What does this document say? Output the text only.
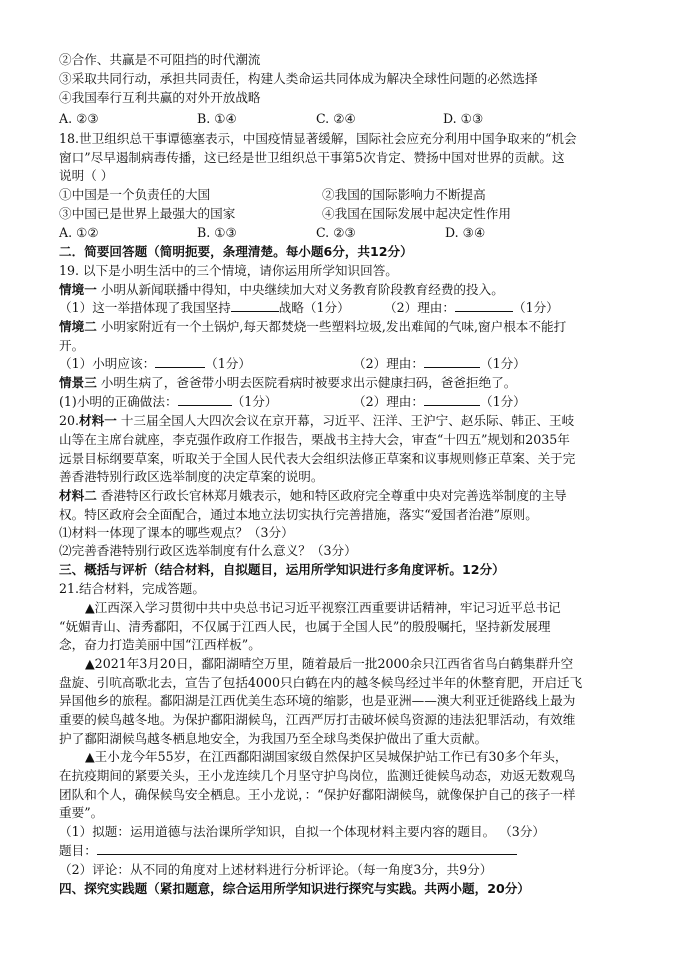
②合作、共赢是不可阻挡的时代潮流
③采取共同行动，承担共同责任，构建人类命运共同体成为解决全球性问题的必然选择
④我国奉行互利共赢的对外开放战略
A. ②③	B. ①④	C. ②④	D. ①③
18.世卫组织总干事谭德塞表示，中国疫情显著缓解，国际社会应充分利用中国争取来的“机会
窗口”尽早遏制病毒传播，这已经是世卫组织总干事第5次肯定、赞扬中国对世界的贡献。这
说明（ ）
①中国是一个负责任的大国	②我国的国际影响力不断提高
③中国已是世界上最强大的国家	④我国在国际发展中起决定性作用
A. ①②	B. ①③	C. ②③	D. ③④
二．简要回答题（简明扼要，条理清楚。每小题6分，共12分）
19. 以下是小明生活中的三个情境，请你运用所学知识回答。
情境一 小明从新闻联播中得知，中央继续加大对义务教育阶段教育经费的投入。
（1）这一举措体现了我国坚持	战略（1分）	（2）理由：	（1分）
情境二 小明家附近有一个土锅炉,每天都焚烧一些塑料垃圾,发出难闻的气味,窗户根本不能打
开。
（1）小明应该：	（1分）	（2）理由：	（1分）
情景三 小明生病了，爸爸带小明去医院看病时被要求出示健康扫码，爸爸拒绝了。
(1)小明的正确做法：	（1分）	（2）理由：	（1分）
20.材料一 十三届全国人大四次会议在京开幕，习近平、汪洋、王沪宁、赵乐际、韩正、王岐
山等在主席台就座，李克强作政府工作报告，栗战书主持大会，审查“十四五”规划和2035年
远景目标纲要草案，听取关于全国人民代表大会组织法修正草案和议事规则修正草案、关于完
善香港特别行政区选举制度的决定草案的说明。
材料二 香港特区行政长官林郑月娥表示，她和特区政府完全尊重中央对完善选举制度的主导
权。特区政府会全面配合，通过本地立法切实执行完善措施，落实“爱国者治港”原则。
⑴材料一体现了课本的哪些观点？（3分）
⑵完善香港特别行政区选举制度有什么意义？（3分）
三、概括与评析（结合材料，自拟题目，运用所学知识进行多角度评析。12分）
21.结合材料，完成答题。
▲江西深入学习贯彻中共中央总书记习近平视察江西重要讲话精神，牢记习近平总书记
“妩媚青山、清秀鄱阳，不仅属于江西人民，也属于全国人民”的殷殷嘱托，坚持新发展理
念，奋力打造美丽中国“江西样板”。
▲2021年3月20日，鄱阳湖晴空万里，随着最后一批2000余只江西省省鸟白鹤集群升空
盘旋、引吭高歌北去，宣告了包括4000只白鹤在内的越冬候鸟经过半年的休整育肥，开启迁飞
异国他乡的旅程。鄱阳湖是江西优美生态环境的缩影，也是亚洲——澳大利亚迁徙路线上最为
重要的候鸟越冬地。为保护鄱阳湖候鸟，江西严厉打击破坏候鸟资源的违法犯罪活动，有效维
护了鄱阳湖候鸟越冬栖息地安全，为我国乃至全球鸟类保护做出了重大贡献。
▲王小龙今年55岁，在江西鄱阳湖国家级自然保护区吴城保护站工作已有30多个年头，
在抗疫期间的紧要关头，王小龙连续几个月坚守护鸟岗位，监测迁徙候鸟动态，劝返无数观鸟
团队和个人，确保候鸟安全栖息。王小龙说，：“保护好鄱阳湖候鸟，就像保护自己的孩子一样
重要”。
（1）拟题：运用道德与法治课所学知识，自拟一个体现材料主要内容的题目。 （3分）
题目：
（2）评论：从不同的角度对上述材料进行分析评论。（每一角度3分，共9分）
四、探究实践题（紧扣题意，综合运用所学知识进行探究与实践。共两小题，20分）
